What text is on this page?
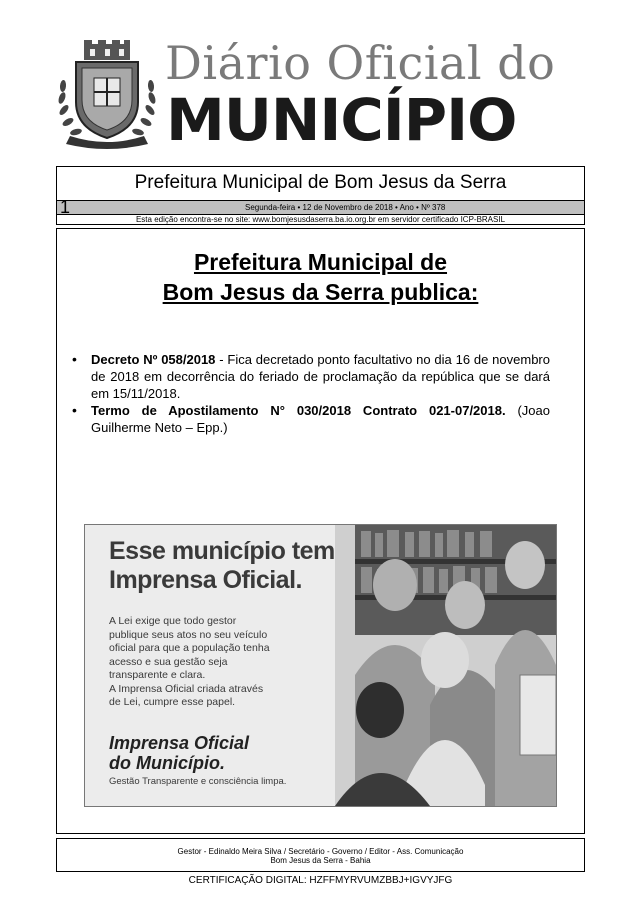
Diário Oficial do
MUNICÍPIO
Prefeitura Municipal de Bom Jesus da Serra
1	Segunda-feira • 12 de Novembro de 2018 • Ano • Nº 378
Esta edição encontra-se no site: www.bomjesusdaserra.ba.io.org.br em servidor certificado ICP-BRASIL
Prefeitura Municipal de
Bom Jesus da Serra publica:
• Decreto Nº 058/2018 - Fica decretado ponto facultativo no dia 16 de novembro de 2018 em decorrência do feriado de proclamação da república que se dará em 15/11/2018.
• Termo de Apostilamento N° 030/2018 Contrato 021-07/2018. (Joao Guilherme Neto – Epp.)
Esse município tem
Imprensa Oficial.
A Lei exige que todo gestor
publique seus atos no seu veículo
oficial para que a população tenha
acesso e sua gestão seja
transparente e clara.
A Imprensa Oficial criada através
de Lei, cumpre esse papel.
Imprensa Oficial
do Município.
Gestão Transparente e consciência limpa.
Gestor - Edinaldo Meira Silva / Secretário - Governo / Editor - Ass. Comunicação
Bom Jesus da Serra - Bahia
CERTIFICAÇÃO DIGITAL: HZFFMYRVUMZBBJ+IGVYJFG
